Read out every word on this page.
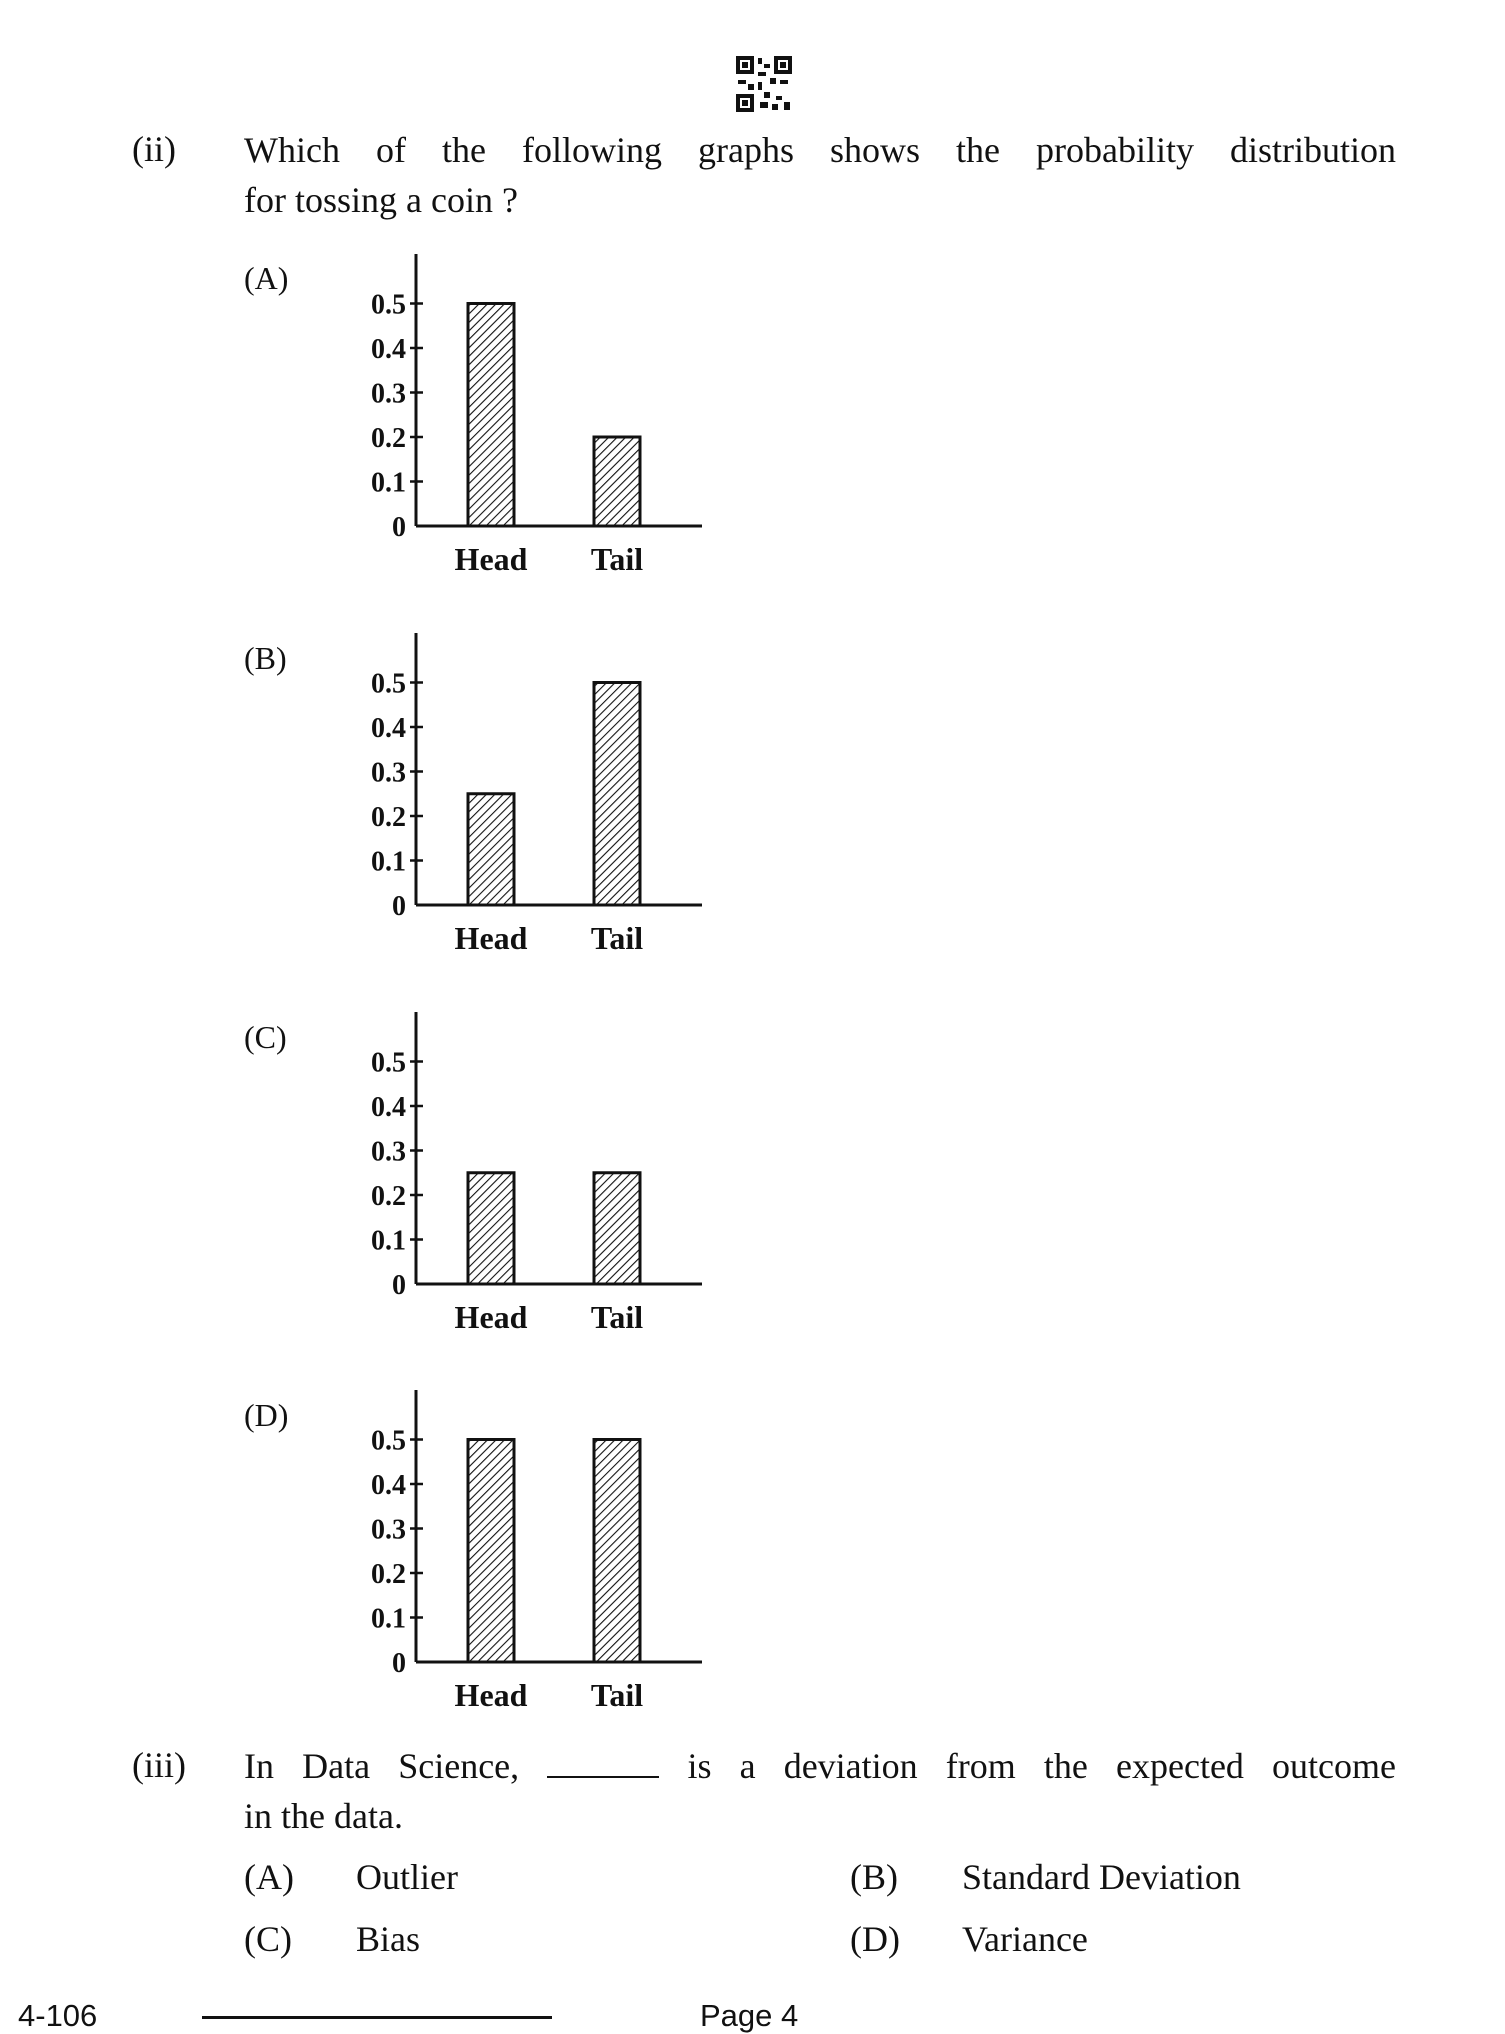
(ii) Which of the following graphs shows the probability distribution
for tossing a coin ?
(A)
(B)
(C)
(D)
0
0.1
0.2
0.3
0.4
0.5
Head Tail
0
0.1
0.2
0.3
0.4
0.5
Head Tail
0
0.1
0.2
0.3
0.4
0.5
Head Tail
0
0.1
0.2
0.3
0.4
0.5
Head Tail
(iii) In Data Science,	is a deviation from the expected outcome
in the data.
(A) Outlier	(B) Standard Deviation
(C) Bias	(D) Variance
4-106	Page 4
